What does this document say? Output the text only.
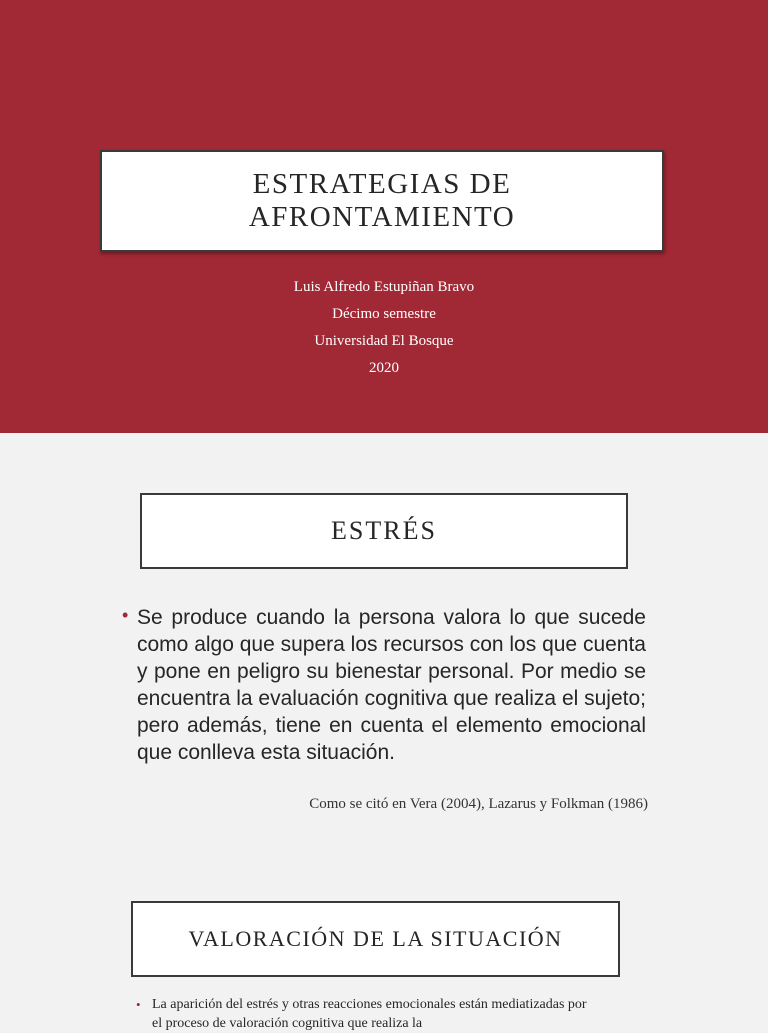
ESTRATEGIAS DE
AFRONTAMIENTO
Luis Alfredo Estupiñan Bravo
Décimo semestre
Universidad El Bosque
2020
ESTRÉS
• Se produce cuando la persona valora lo que sucede como algo que supera los recursos con los que cuenta y pone en peligro su bienestar personal. Por medio se encuentra la evaluación cognitiva que realiza el sujeto; pero además, tiene en cuenta el elemento emocional que conlleva esta situación.
Como se citó en Vera (2004), Lazarus y Folkman (1986)
VALORACIÓN DE LA SITUACIÓN
• La aparición del estrés y otras reacciones emocionales están mediatizadas por el proceso de valoración cognitiva que realiza la
